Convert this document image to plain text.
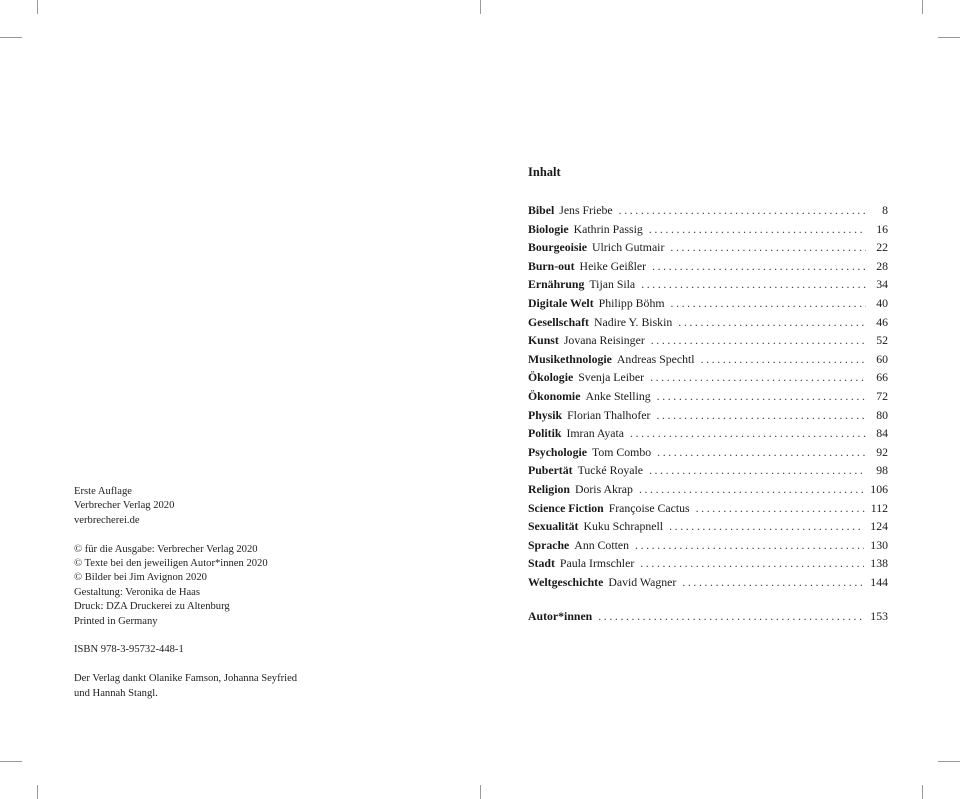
Erste Auflage
Verbrecher Verlag 2020
verbrecherei.de
© für die Ausgabe: Verbrecher Verlag 2020
© Texte bei den jeweiligen Autor*innen 2020
© Bilder bei Jim Avignon 2020
Gestaltung: Veronika de Haas
Druck: DZA Druckerei zu Altenburg
Printed in Germany
ISBN 978-3-95732-448-1
Der Verlag dankt Olanike Famson, Johanna Seyfried
und Hannah Stangl.
Inhalt
Bibel Jens Friebe .....	8
Biologie Kathrin Passig .....	16
Bourgeoisie Ulrich Gutmair .....	22
Burn-out Heike Geißler .....	28
Ernährung Tijan Sila .....	34
Digitale Welt Philipp Böhm .....	40
Gesellschaft Nadire Y. Biskin .....	46
Kunst Jovana Reisinger .....	52
Musikethnologie Andreas Spechtl .....	60
Ökologie Svenja Leiber .....	66
Ökonomie Anke Stelling .....	72
Physik Florian Thalhofer .....	80
Politik Imran Ayata .....	84
Psychologie Tom Combo .....	92
Pubertät Tucké Royale .....	98
Religion Doris Akrap .....	106
Science Fiction Françoise Cactus .....	112
Sexualität Kuku Schrapnell .....	124
Sprache Ann Cotten .....	130
Stadt Paula Irmschler .....	138
Weltgeschichte David Wagner .....	144
Autor*innen .....	153
